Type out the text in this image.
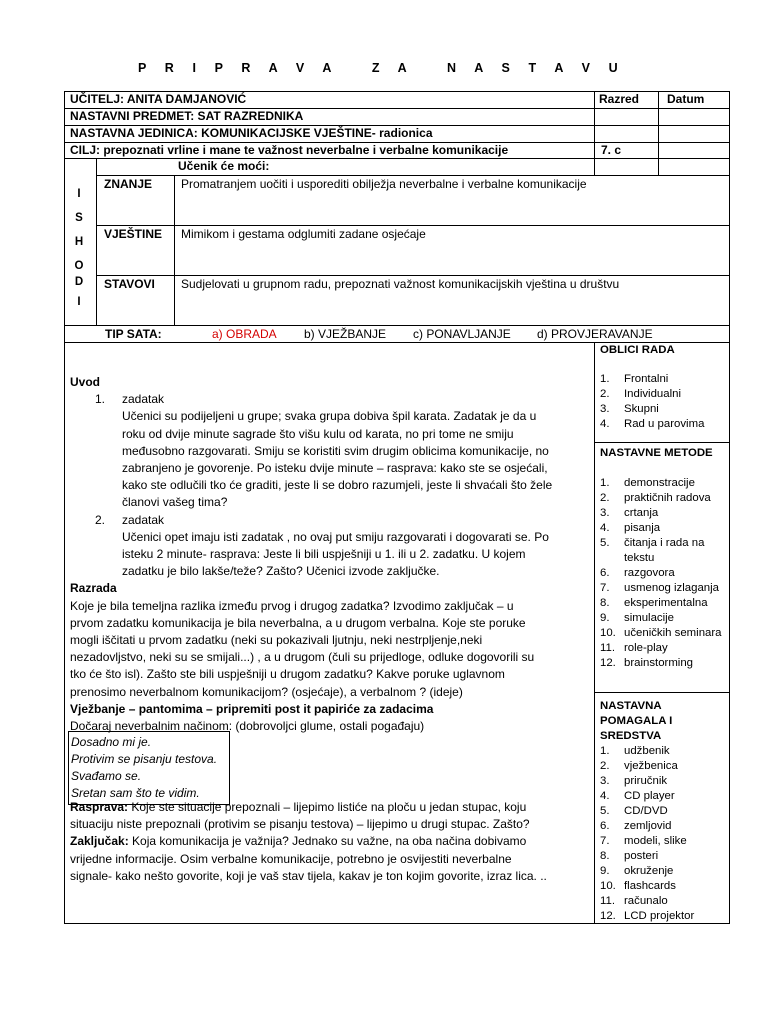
P R I P R A V A   Z A   N A S T A V U
UČITELJ: ANITA DAMJANOVIĆ	Razred Datum
NASTAVNI PREDMET: SAT RAZREDNIKA
NASTAVNA JEDINICA: KOMUNIKACIJSKE VJEŠTINE- radionica
CILJ: prepoznati vrline i mane te važnost neverbalne i verbalne komunikacije	7. c
Učenik će moći:
I
S
H
O
D
I
ZNANJE Promatranjem uočiti i usporediti obilježja neverbalne i verbalne komunikacije
VJEŠTINE Mimikom i gestama odglumiti zadane osjećaje
STAVOVI Sudjelovati u grupnom radu, prepoznati važnost komunikacijskih vještina u društvu
TIP SATA:	a) OBRADA b) VJEŽBANJE c) PONAVLJANJE d) PROVJERAVANJE

Uvod

1.	zadatak

Učenici su podijeljeni u grupe; svaka grupa dobiva špil karata. Zadatak je da u

roku od dvije minute sagrade što višu kulu od karata, no pri tome ne smiju

međusobno razgovarati. Smiju se koristiti svim drugim oblicima komunikacije, no

zabranjeno je govorenje. Po isteku dvije minute – rasprava: kako ste se osjećali,

kako ste odlučili tko će graditi, jeste li se dobro razumjeli, jeste li shvaćali što žele

članovi vašeg tima?

2.	zadatak

Učenici opet imaju isti zadatak , no ovaj put smiju razgovarati i dogovarati se. Po

isteku 2 minute- rasprava: Jeste li bili uspješniji u 1. ili u 2. zadatku. U kojem

zadatku je bilo lakše/teže? Zašto? Učenici izvode zaključke.

Razrada

Koje je bila temeljna razlika između prvog i drugog zadatka? Izvodimo zaključak – u

prvom zadatku komunikacija je bila neverbalna, a u drugom verbalna. Koje ste poruke

mogli iščitati u prvom zadatku (neki su pokazivali ljutnju, neki nestrpljenje,neki

nezadovljstvo, neki su se smijali...) , a u drugom (čuli su prijedloge, odluke dogovorili su

tko će što isl). Zašto ste bili uspješniji u drugom zadatku? Kakve poruke uglavnom

prenosimo neverbalnom komunikacijom? (osjećaje), a verbalnom ? (ideje)

Vježbanje – pantomima – pripremiti post it papiriće za zadacima

Dočaraj neverbalnim načinom: (dobrovoljci glume, ostali pogađaju)

Dosadno mi je.
Protivim se pisanju testova.
Svađamo se.
Sretan sam što te vidim.

Rasprava: Koje ste situacije prepoznali – lijepimo listiće na ploču u jedan stupac, koju

situaciju niste prepoznali (protivim se pisanju testova) – lijepimo u drugi stupac. Zašto?

Zaključak: Koja komunikacija je važnija? Jednako su važne, na oba načina dobivamo

vrijedne informacije. Osim verbalne komunikacije, potrebno je osvijestiti neverbalne

signale- kako nešto govorite, koji je vaš stav tijela, kakav je ton kojim govorite, izraz lica. ..

OBLICI RADA
1. Frontalni
2. Individualni
3. Skupni
4. Rad u parovima
NASTAVNE METODE
1. demonstracije
2. praktičnih radova
3. crtanja
4. pisanja
5. čitanja i rada na tekstu
6. razgovora
7. usmenog izlaganja
8. eksperimentalna
9. simulacije
10. učeničkih seminara
11. role-play
12. brainstorming
NASTAVNA POMAGALA I SREDSTVA
1. udžbenik
2. vježbenica
3. priručnik
4. CD player
5. CD/DVD
6. zemljovid
7. modeli, slike
8. posteri
9. okruženje
10. flashcards
11. računalo
12. LCD projektor
